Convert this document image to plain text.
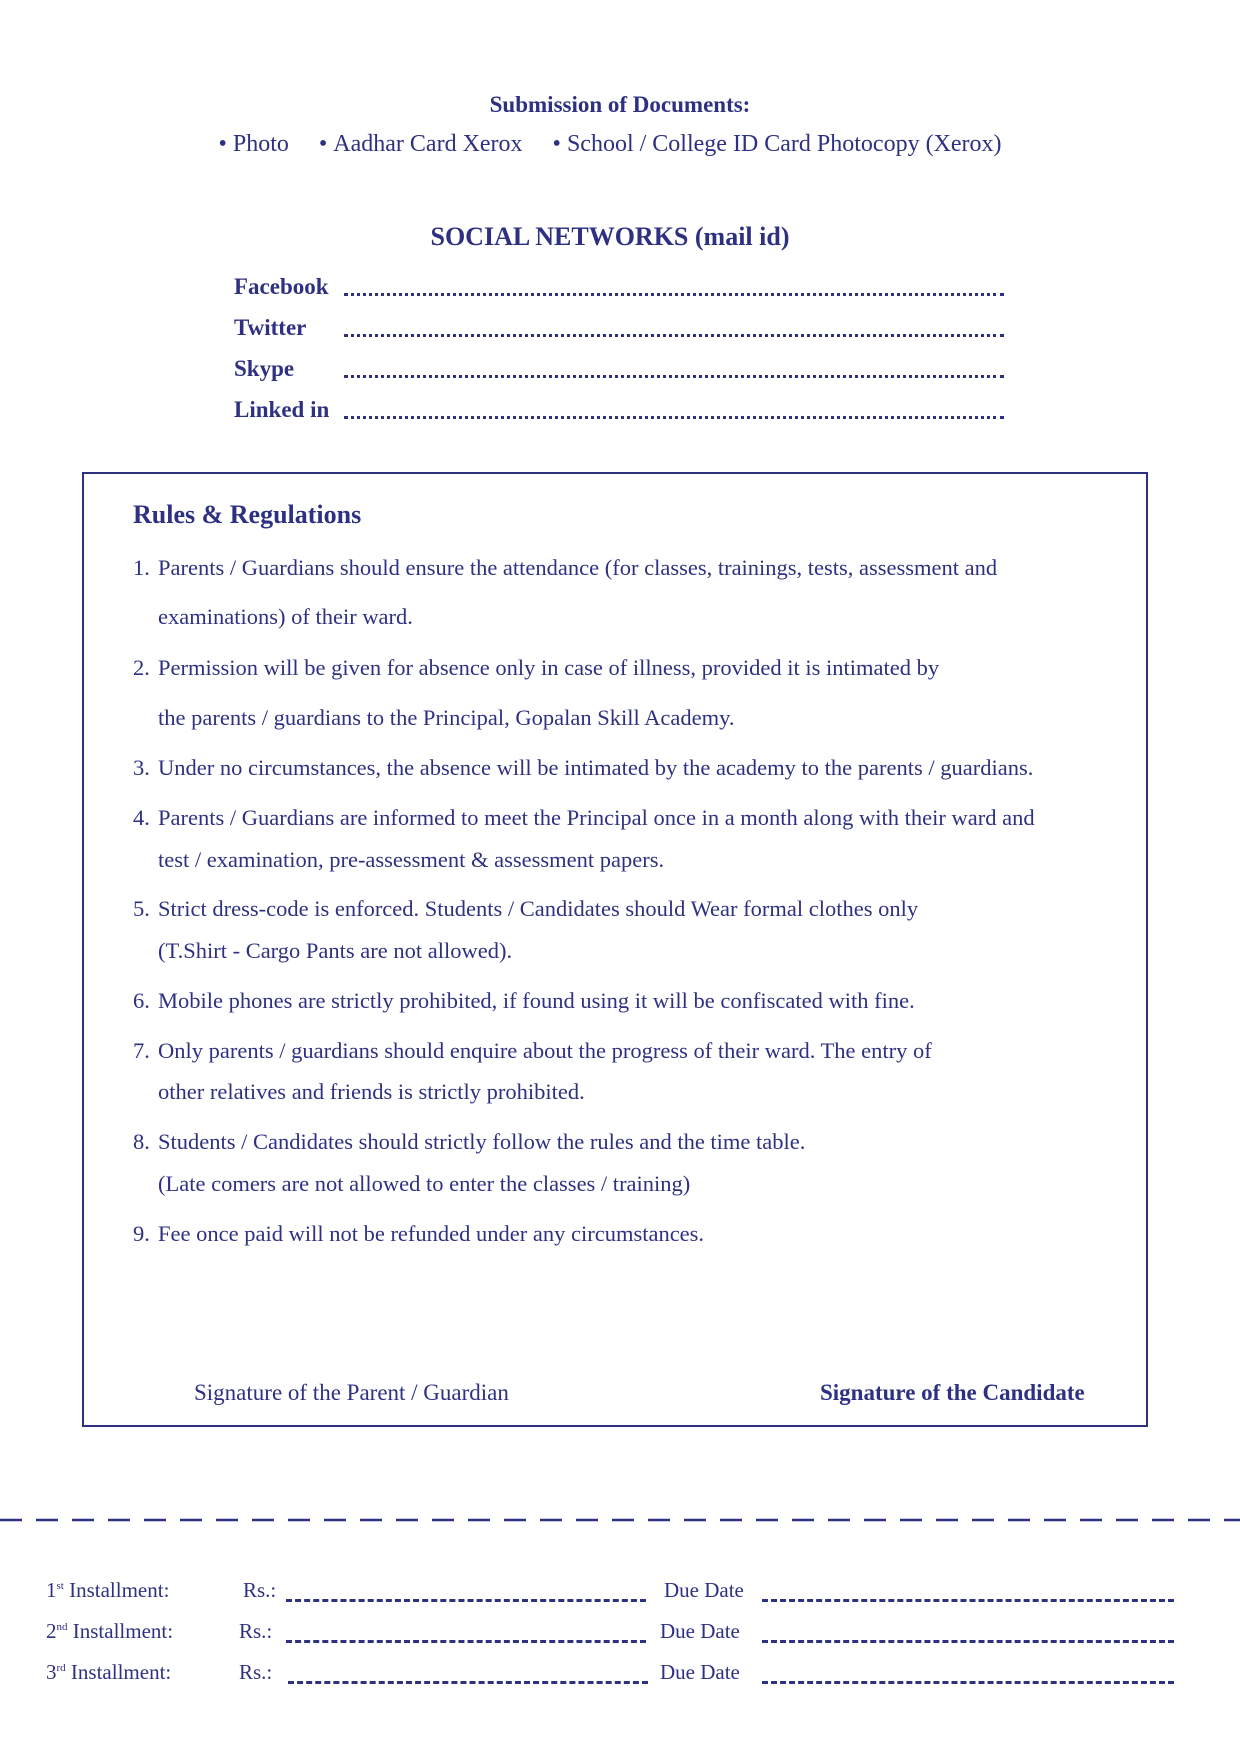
Submission of Documents:
• Photo	• Aadhar Card Xerox	• School / College ID Card Photocopy (Xerox)
SOCIAL NETWORKS (mail id)
Facebook
Twitter
Skype
Linked in
Rules & Regulations
1. Parents / Guardians should ensure the attendance (for classes, trainings, tests, assessment and
examinations) of their ward.
2. Permission will be given for absence only in case of illness, provided it is intimated by
the parents / guardians to the Principal, Gopalan Skill Academy.
3. Under no circumstances, the absence will be intimated by the academy to the parents / guardians.
4. Parents / Guardians are informed to meet the Principal once in a month along with their ward and
test / examination, pre-assessment & assessment papers.
5. Strict dress-code is enforced. Students / Candidates should Wear formal clothes only
(T.Shirt - Cargo Pants are not allowed).
6. Mobile phones are strictly prohibited, if found using it will be confiscated with fine.
7. Only parents / guardians should enquire about the progress of their ward. The entry of
other relatives and friends is strictly prohibited.
8. Students / Candidates should strictly follow the rules and the time table.
(Late comers are not allowed to enter the classes / training)
9. Fee once paid will not be refunded under any circumstances.
Signature of the Parent / Guardian	Signature of the Candidate
1st Installment:	Rs.:	Due Date
2nd Installment:	Rs.:	Due Date
3rd Installment:	Rs.:	Due Date
